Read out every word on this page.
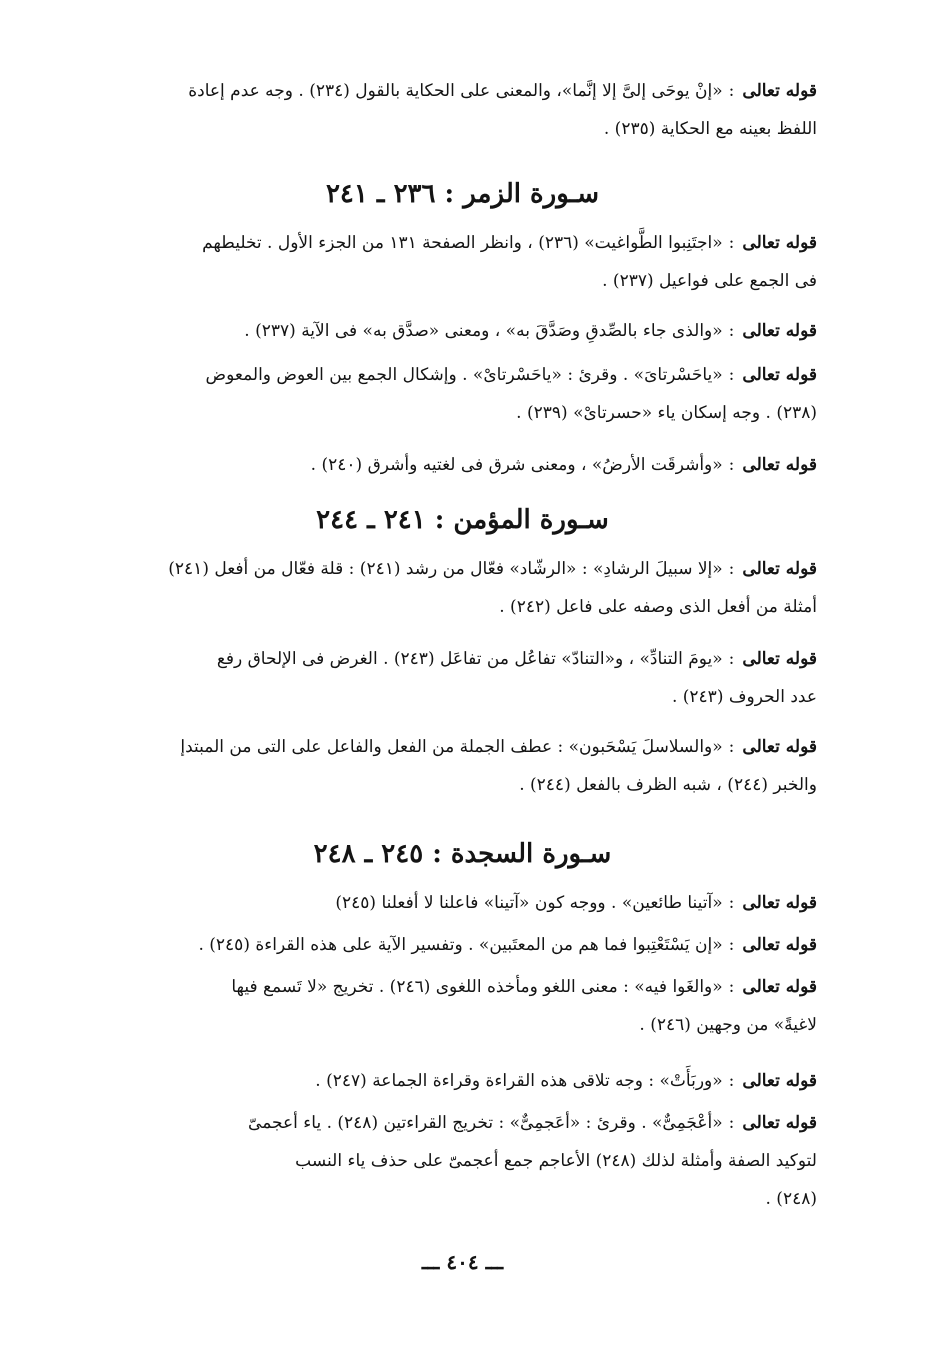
قوله تعالى:«إنْ يوحَى إلىَّ إلا إنَّما»، والمعنى على الحكاية بالقول (٢٣٤) . وجه عدم إعادة
اللفظ بعينه مع الحكاية (٢٣٥) .
سـورة الزمر : ٢٣٦ ـ ٢٤١
قوله تعالى:«اجتَنِبوا الطَّواغيت» (٢٣٦) ، وانظر الصفحة ١٣١ من الجزء الأول . تخليطهم
فى الجمع على فواعيل (٢٣٧) .
قوله تعالى:«والذى جاء بالصِّدقِ وصَدَّقَ به» ، ومعنى «صدَّق به» فى الآية (٢٣٧) .
قوله تعالى:«ياحَسْرتاىَ» . وقرئ : «ياحَسْرتاىْ» . وإشكال الجمع بين العوض والمعوض
(٢٣٨) . وجه إسكان ياء «حسرتاىْ» (٢٣٩) .
قوله تعالى:«وأشرقَت الأرضُ» ، ومعنى شرق فى لغتيه وأشرق (٢٤٠) .
سـورة المؤمن : ٢٤١ ـ ٢٤٤
قوله تعالى:«إلا سبيلَ الرشادِ» : «الرشّاد» فعّال من رشد (٢٤١) : قلة فعّال من أفعل (٢٤١)
أمثلة من أفعل الذى وصفه على فاعل (٢٤٢) .
قوله تعالى:«يومَ التنادِّ» ، و«التنادّ» تفاعُل من تفاعَل (٢٤٣) . الغرض فى الإلحاق رفع
عدد الحروف (٢٤٣) .
قوله تعالى:«والسلاسلَ يَسْحَبون» : عطف الجملة من الفعل والفاعل على التى من المبتدإ
والخبر (٢٤٤) ، شبه الظرف بالفعل (٢٤٤) .
سـورة السجدة : ٢٤٥ ـ ٢٤٨
قوله تعالى:«آتينا طائعين» . ووجه كون «آتينا» فاعلنا لا أفعلنا (٢٤٥)
قوله تعالى:«إن يَسْتَعْتِبوا فما هم من المعتَبين» . وتفسير الآية على هذه القراءة (٢٤٥) .
قوله تعالى:«والغَوا فيه» : معنى اللغو ومأخذه اللغوى (٢٤٦) . تخريج «لا تَسمع فيها
لاغيةً» من وجهين (٢٤٦) .
قوله تعالى:«وربَأَتْ» : وجه تلاقى هذه القراءة وقراءة الجماعة (٢٤٧) .
قوله تعالى:«أعْجَمِىٌّ» . وقرئ : «أعَجمِىٌّ» : تخريج القراءتين (٢٤٨) . ياء أعجمىّ
لتوكيد الصفة وأمثلة لذلك (٢٤٨) الأعاجم جمع أعجمىّ على حذف ياء النسب
(٢٤٨) .
ـــ ٤٠٤ ـــ
